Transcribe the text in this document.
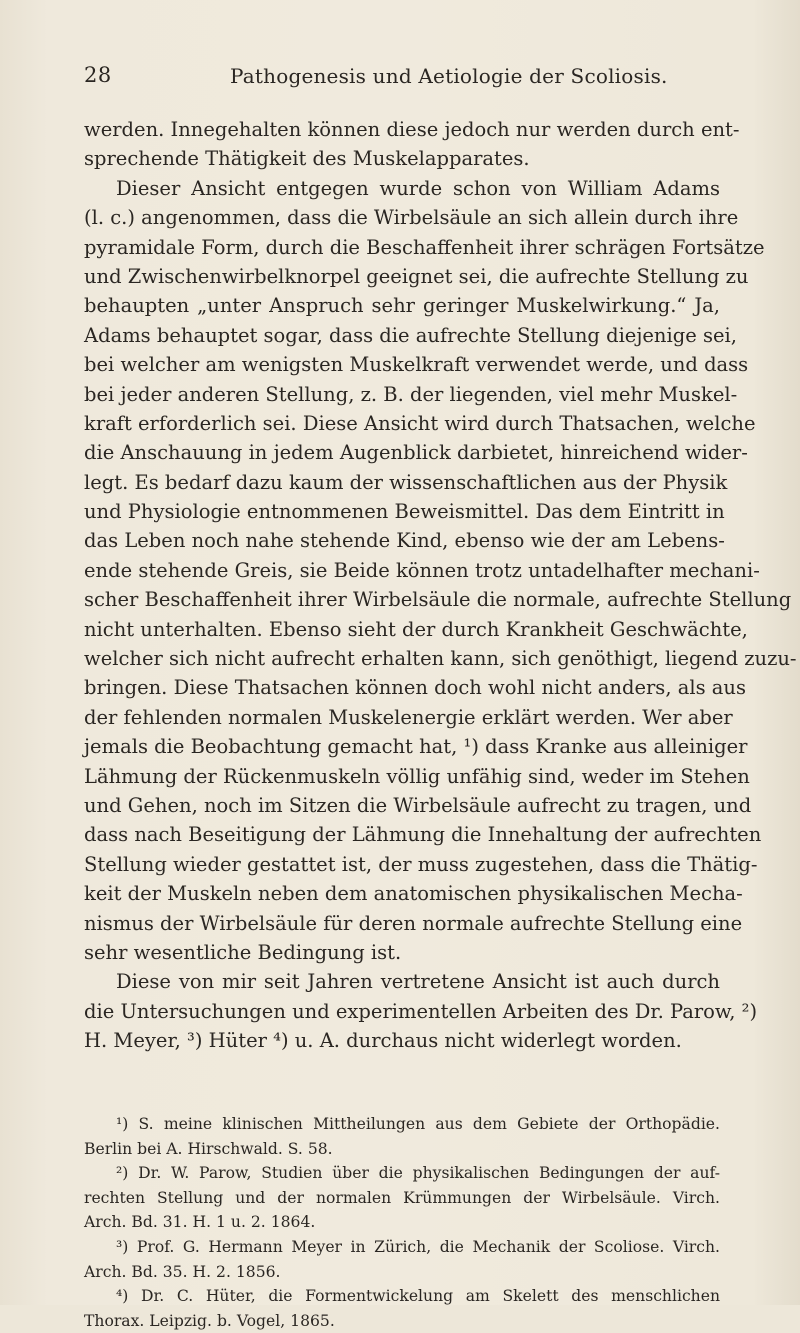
28	Pathogenesis und Aetiologie der Scoliosis.
werden. Innegehalten können diese jedoch nur werden durch ent-
sprechende Thätigkeit des Muskelapparates.
Dieser Ansicht entgegen wurde schon von William Adams
(l. c.) angenommen, dass die Wirbelsäule an sich allein durch ihre
pyramidale Form, durch die Beschaffenheit ihrer schrägen Fortsätze
und Zwischenwirbelknorpel geeignet sei, die aufrechte Stellung zu
behaupten „unter Anspruch sehr geringer Muskelwirkung.“ Ja,
Adams behauptet sogar, dass die aufrechte Stellung diejenige sei,
bei welcher am wenigsten Muskelkraft verwendet werde, und dass
bei jeder anderen Stellung, z. B. der liegenden, viel mehr Muskel-
kraft erforderlich sei. Diese Ansicht wird durch Thatsachen, welche
die Anschauung in jedem Augenblick darbietet, hinreichend wider-
legt. Es bedarf dazu kaum der wissenschaftlichen aus der Physik
und Physiologie entnommenen Beweismittel. Das dem Eintritt in
das Leben noch nahe stehende Kind, ebenso wie der am Lebens-
ende stehende Greis, sie Beide können trotz untadelhafter mechani-
scher Beschaffenheit ihrer Wirbelsäule die normale, aufrechte Stellung
nicht unterhalten. Ebenso sieht der durch Krankheit Geschwächte,
welcher sich nicht aufrecht erhalten kann, sich genöthigt, liegend zuzu-
bringen. Diese Thatsachen können doch wohl nicht anders, als aus
der fehlenden normalen Muskelenergie erklärt werden. Wer aber
jemals die Beobachtung gemacht hat, ¹) dass Kranke aus alleiniger
Lähmung der Rückenmuskeln völlig unfähig sind, weder im Stehen
und Gehen, noch im Sitzen die Wirbelsäule aufrecht zu tragen, und
dass nach Beseitigung der Lähmung die Innehaltung der aufrechten
Stellung wieder gestattet ist, der muss zugestehen, dass die Thätig-
keit der Muskeln neben dem anatomischen physikalischen Mecha-
nismus der Wirbelsäule für deren normale aufrechte Stellung eine
sehr wesentliche Bedingung ist.
Diese von mir seit Jahren vertretene Ansicht ist auch durch
die Untersuchungen und experimentellen Arbeiten des Dr. Parow, ²)
H. Meyer, ³) Hüter ⁴) u. A. durchaus nicht widerlegt worden.
¹) S. meine klinischen Mittheilungen aus dem Gebiete der Orthopädie.
Berlin bei A. Hirschwald. S. 58.
²) Dr. W. Parow, Studien über die physikalischen Bedingungen der auf-
rechten Stellung und der normalen Krümmungen der Wirbelsäule. Virch.
Arch. Bd. 31. H. 1 u. 2. 1864.
³) Prof. G. Hermann Meyer in Zürich, die Mechanik der Scoliose. Virch.
Arch. Bd. 35. H. 2. 1856.
⁴) Dr. C. Hüter, die Formentwickelung am Skelett des menschlichen
Thorax. Leipzig. b. Vogel, 1865.
